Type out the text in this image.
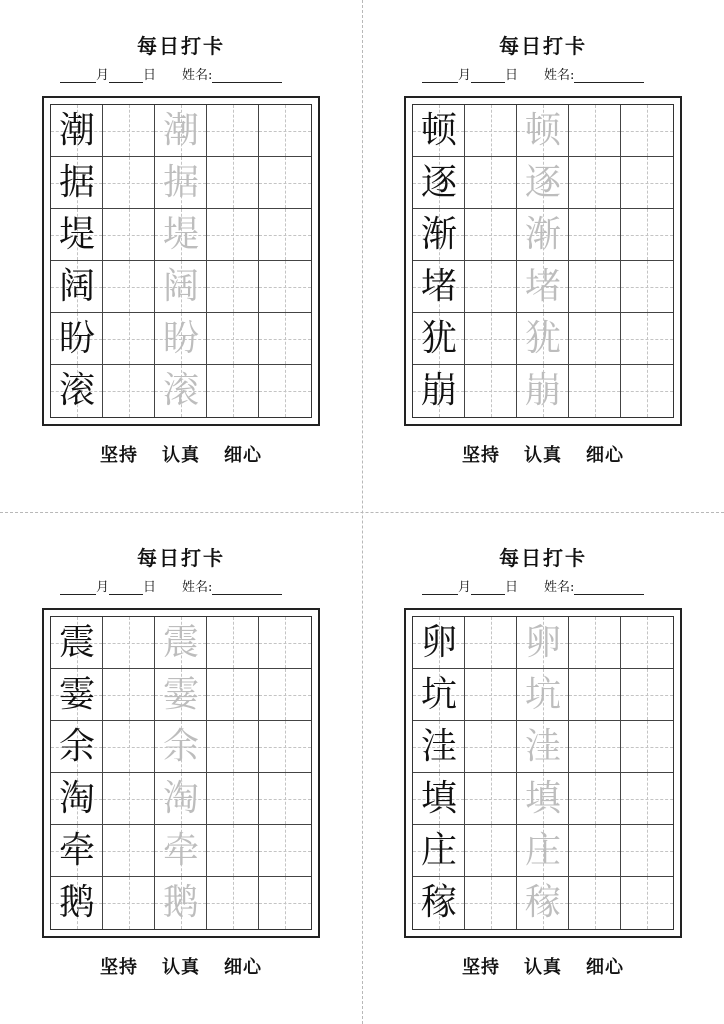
每日打卡
月	日 姓名:
潮 潮
据 据
堤 堤
阔 阔
盼 盼
滚 滚
坚持 认真 细心
每日打卡
月	日 姓名:
顿 顿
逐 逐
渐 渐
堵 堵
犹 犹
崩 崩
坚持 认真 细心
每日打卡
月	日 姓名:
震 震
霎 霎
余 余
淘 淘
牵 牵
鹅 鹅
坚持 认真 细心
每日打卡
月	日 姓名:
卵 卵
坑 坑
洼 洼
填 填
庄 庄
稼 稼
坚持 认真 细心
